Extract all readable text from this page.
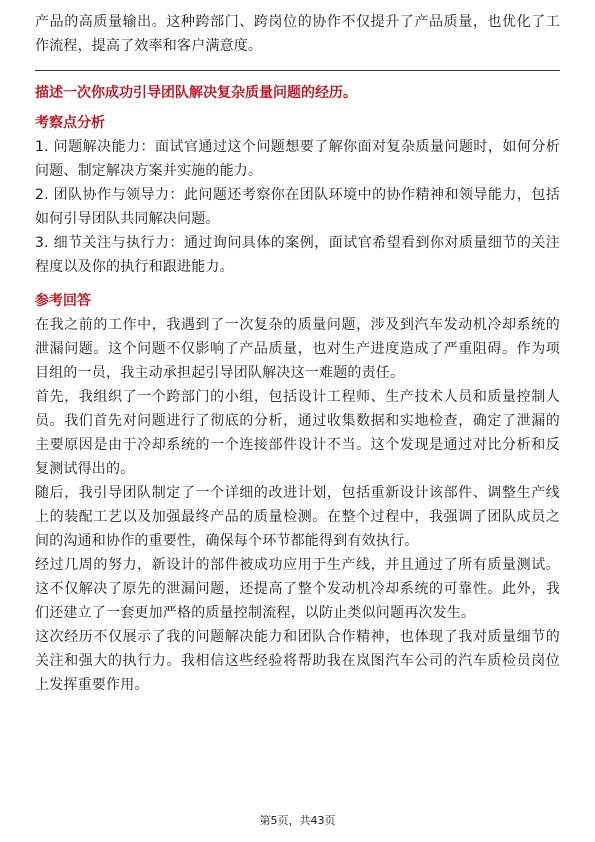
产品的高质量输出。这种跨部门、跨岗位的协作不仅提升了产品质量，也优化了工作流程，提高了效率和客户满意度。

描述一次你成功引导团队解决复杂质量问题的经历。

考察点分析

1. 问题解决能力：面试官通过这个问题想要了解你面对复杂质量问题时，如何分析问题、制定解决方案并实施的能力。

2. 团队协作与领导力：此问题还考察你在团队环境中的协作精神和领导能力，包括如何引导团队共同解决问题。

3. 细节关注与执行力：通过询问具体的案例，面试官希望看到你对质量细节的关注程度以及你的执行和跟进能力。

参考回答

在我之前的工作中，我遇到了一次复杂的质量问题，涉及到汽车发动机冷却系统的泄漏问题。这个问题不仅影响了产品质量，也对生产进度造成了严重阻碍。作为项目组的一员，我主动承担起引导团队解决这一难题的责任。

首先，我组织了一个跨部门的小组，包括设计工程师、生产技术人员和质量控制人员。我们首先对问题进行了彻底的分析，通过收集数据和实地检查，确定了泄漏的主要原因是由于冷却系统的一个连接部件设计不当。这个发现是通过对比分析和反复测试得出的。

随后，我引导团队制定了一个详细的改进计划，包括重新设计该部件、调整生产线上的装配工艺以及加强最终产品的质量检测。在整个过程中，我强调了团队成员之间的沟通和协作的重要性，确保每个环节都能得到有效执行。

经过几周的努力，新设计的部件被成功应用于生产线，并且通过了所有质量测试。这不仅解决了原先的泄漏问题，还提高了整个发动机冷却系统的可靠性。此外，我们还建立了一套更加严格的质量控制流程，以防止类似问题再次发生。

这次经历不仅展示了我的问题解决能力和团队合作精神，也体现了我对质量细节的关注和强大的执行力。我相信这些经验将帮助我在岚图汽车公司的汽车质检员岗位上发挥重要作用。

第5页，共43页
